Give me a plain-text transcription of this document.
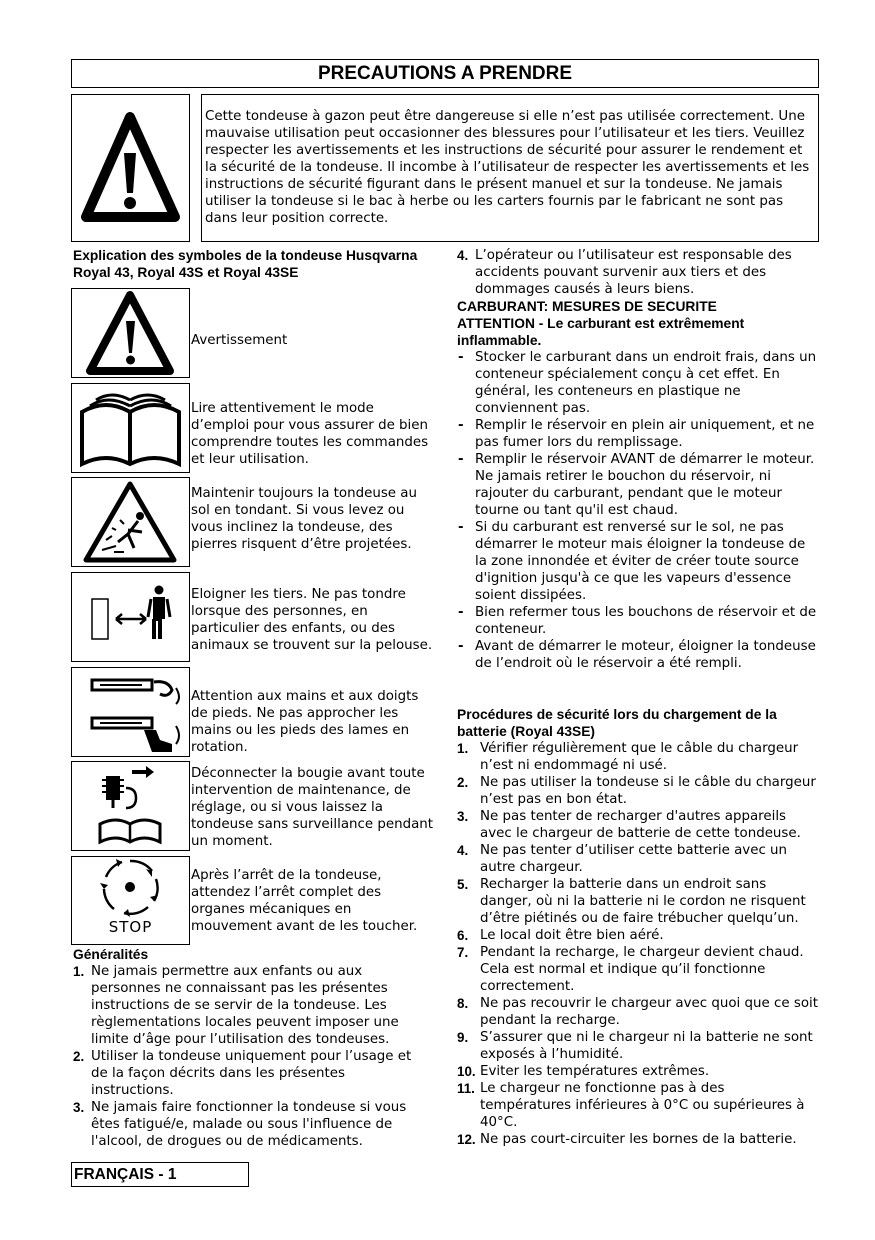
PRECAUTIONS A PRENDRE
Cette tondeuse à gazon peut être dangereuse si elle n’est pas utilisée correctement. Une mauvaise utilisation peut occasionner des blessures pour l’utilisateur et les tiers. Veuillez respecter les avertissements et les instructions de sécurité pour assurer le rendement et la sécurité de la tondeuse. Il incombe à l’utilisateur de respecter les avertissements et les instructions de sécurité figurant dans le présent manuel et sur la tondeuse. Ne jamais utiliser la tondeuse si le bac à herbe ou les carters fournis par le fabricant ne sont pas dans leur position correcte.
Explication des symboles de la tondeuse Husqvarna Royal 43, Royal 43S et Royal 43SE
Avertissement
Lire attentivement le mode d’emploi pour vous assurer de bien comprendre toutes les commandes et leur utilisation.
Maintenir toujours la tondeuse au sol en tondant. Si vous levez ou vous inclinez la tondeuse, des pierres risquent d’être projetées.
Eloigner les tiers. Ne pas tondre lorsque des personnes, en particulier des enfants, ou des animaux se trouvent sur la pelouse.
Attention aux mains et aux doigts de pieds. Ne pas approcher les mains ou les pieds des lames en rotation.
Déconnecter la bougie avant toute intervention de maintenance, de réglage, ou si vous laissez la tondeuse sans surveillance pendant un moment.
STOP
Après l’arrêt de la tondeuse, attendez l’arrêt complet des organes mécaniques en mouvement avant de les toucher.
Généralités
1. Ne jamais permettre aux enfants ou aux personnes ne connaissant pas les présentes instructions de se servir de la tondeuse. Les règlementations locales peuvent imposer une limite d’âge pour l’utilisation des tondeuses.
2. Utiliser la tondeuse uniquement pour l’usage et de la façon décrits dans les présentes instructions.
3. Ne jamais faire fonctionner la tondeuse si vous êtes fatigué/e, malade ou sous l'influence de l'alcool, de drogues ou de médicaments.
4. L’opérateur ou l’utilisateur est responsable des accidents pouvant survenir aux tiers et des dommages causés à leurs biens.
CARBURANT: MESURES DE SECURITE ATTENTION - Le carburant est extrêmement inflammable.
- Stocker le carburant dans un endroit frais, dans un conteneur spécialement conçu à cet effet. En général, les conteneurs en plastique ne conviennent pas.
- Remplir le réservoir en plein air uniquement, et ne pas fumer lors du remplissage.
- Remplir le réservoir AVANT de démarrer le moteur. Ne jamais retirer le bouchon du réservoir, ni rajouter du carburant, pendant que le moteur tourne ou tant qu'il est chaud.
- Si du carburant est renversé sur le sol, ne pas démarrer le moteur mais éloigner la tondeuse de la zone innondée et éviter de créer toute source d'ignition jusqu'à ce que les vapeurs d'essence soient dissipées.
- Bien refermer tous les bouchons de réservoir et de conteneur.
- Avant de démarrer le moteur, éloigner la tondeuse de l’endroit où le réservoir a été rempli.
Procédures de sécurité lors du chargement de la batterie (Royal 43SE)
1. Vérifier régulièrement que le câble du chargeur n’est ni endommagé ni usé.
2. Ne pas utiliser la tondeuse si le câble du chargeur n’est pas en bon état.
3. Ne pas tenter de recharger d'autres appareils avec le chargeur de batterie de cette tondeuse.
4. Ne pas tenter d’utiliser cette batterie avec un autre chargeur.
5. Recharger la batterie dans un endroit sans danger, où ni la batterie ni le cordon ne risquent d’être piétinés ou de faire trébucher quelqu’un.
6. Le local doit être bien aéré.
7. Pendant la recharge, le chargeur devient chaud. Cela est normal et indique qu’il fonctionne correctement.
8. Ne pas recouvrir le chargeur avec quoi que ce soit pendant la recharge.
9. S’assurer que ni le chargeur ni la batterie ne sont exposés à l’humidité.
10. Eviter les températures extrêmes.
11. Le chargeur ne fonctionne pas à des températures inférieures à 0°C ou supérieures à 40°C.
12. Ne pas court-circuiter les bornes de la batterie.
FRANÇAIS - 1
